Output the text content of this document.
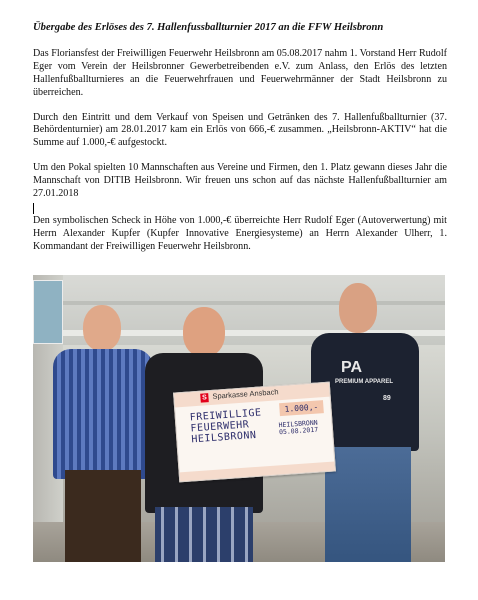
Übergabe des Erlöses des 7. Hallenfussballturnier 2017 an die FFW Heilsbronn

Das Floriansfest der Freiwilligen Feuerwehr Heilsbronn am 05.08.2017 nahm 1. Vorstand Herr Rudolf Eger vom Verein der Heilsbronner Gewerbetreibenden e.V. zum Anlass, den Erlös des letzten Hallenfußballturnieres an die Feuerwehrfrauen und Feuerwehrmänner der Stadt Heilsbronn zu überreichen.

Durch den Eintritt und dem Verkauf von Speisen und Getränken des 7. Hallenfußballturnier (37. Behördenturnier) am 28.01.2017 kam ein Erlös von 666,-€ zusammen. „Heilsbronn-AKTIV“ hat die Summe auf 1.000,-€ aufgestockt.

Um den Pokal spielten 10 Mannschaften aus Vereine und Firmen, den 1. Platz gewann dieses Jahr die Mannschaft von DITIB Heilsbronn. Wir freuen uns schon auf das nächste Hallenfußballturnier am 27.01.2018

Den symbolischen Scheck in Höhe von 1.000,-€ überreichte Herr Rudolf Eger (Autoverwertung) mit Herrn Alexander Kupfer (Kupfer Innovative Energiesysteme) an Herrn Alexander Ulherr, 1. Kommandant der Freiwilligen Feuerwehr Heilsbronn.

PA
PREMIUM APPAREL
89
S Sparkasse Ansbach
FREIWILLIGE
FEUERWEHR
HEILSBRONN
1.000,-
HEILSBRONN 05.08.2017
